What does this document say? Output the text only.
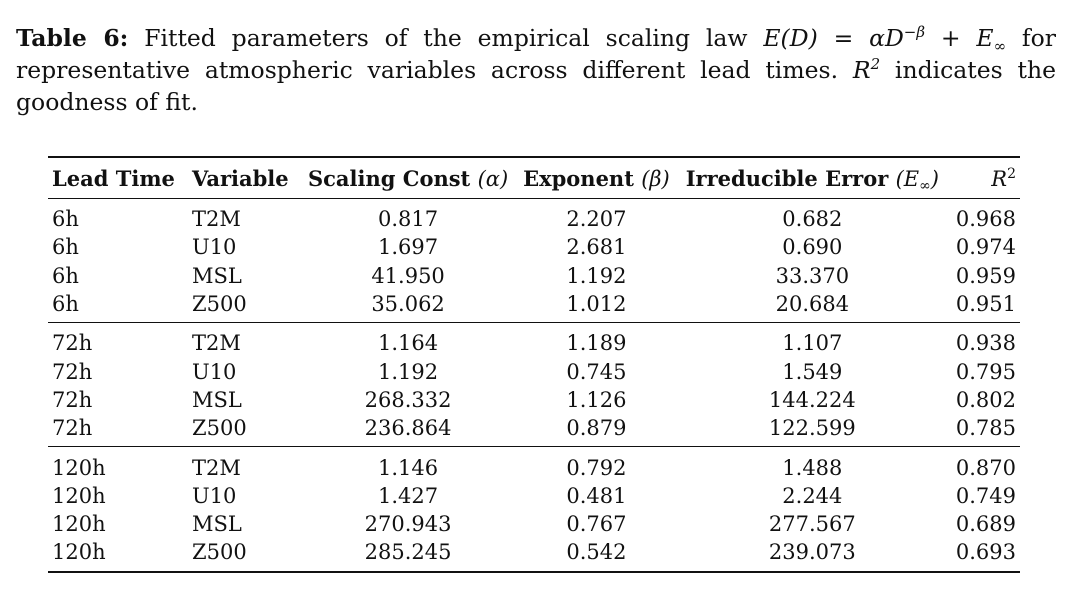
Table 6: Fitted parameters of the empirical scaling law $E(D) = \alpha D^{-\beta} + E_\infty$ for representative atmospheric variables across different lead times. $R^2$ indicates the goodness of fit.
Lead Time	Variable	Scaling Const (α)	Exponent (β)	Irreducible Error $(E_\infty)$	$R^2$
6h	T2M	0.817	2.207	0.682	0.968
6h	U10	1.697	2.681	0.690	0.974
6h	MSL	41.950	1.192	33.370	0.959
6h	Z500	35.062	1.012	20.684	0.951
72h	T2M	1.164	1.189	1.107	0.938
72h	U10	1.192	0.745	1.549	0.795
72h	MSL	268.332	1.126	144.224	0.802
72h	Z500	236.864	0.879	122.599	0.785
120h	T2M	1.146	0.792	1.488	0.870
120h	U10	1.427	0.481	2.244	0.749
120h	MSL	270.943	0.767	277.567	0.689
120h	Z500	285.245	0.542	239.073	0.693
